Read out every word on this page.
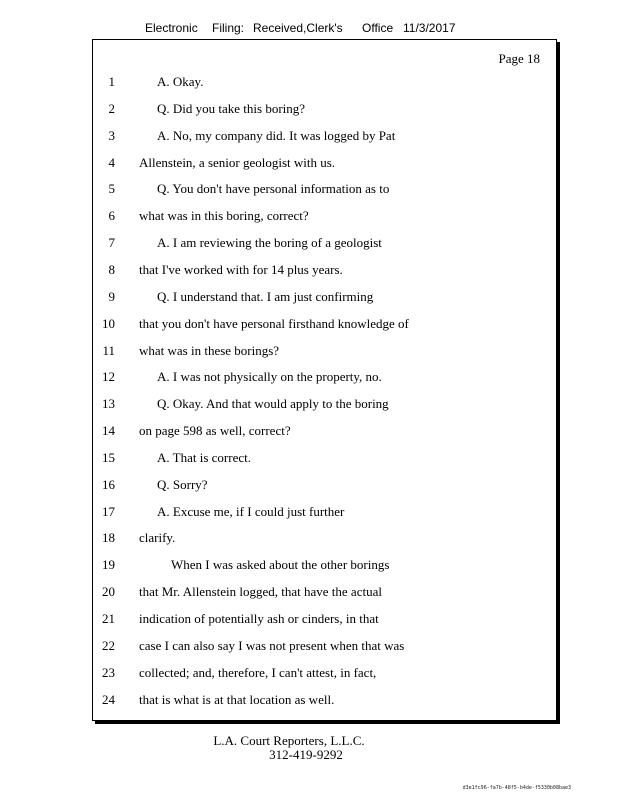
Electronic Filing: Received,Clerk's Office 11/3/2017
Page 18
1	A. Okay.
2	Q. Did you take this boring?
3	A. No, my company did. It was logged by Pat
4 Allenstein, a senior geologist with us.
5	Q. You don't have personal information as to
6 what was in this boring, correct?
7	A. I am reviewing the boring of a geologist
8 that I've worked with for 14 plus years.
9	Q. I understand that. I am just confirming
10 that you don't have personal firsthand knowledge of
11 what was in these borings?
12	A. I was not physically on the property, no.
13	Q. Okay. And that would apply to the boring
14 on page 598 as well, correct?
15	A. That is correct.
16	Q. Sorry?
17	A. Excuse me, if I could just further
18 clarify.
19	When I was asked about the other borings
20 that Mr. Allenstein logged, that have the actual
21 indication of potentially ash or cinders, in that
22 case I can also say I was not present when that was
23 collected; and, therefore, I can't attest, in fact,
24 that is what is at that location as well.
L.A. Court Reporters, L.L.C.
312-419-9292
d3e1fc96-fa7b-48f5-b4de-f5330b08bae3
